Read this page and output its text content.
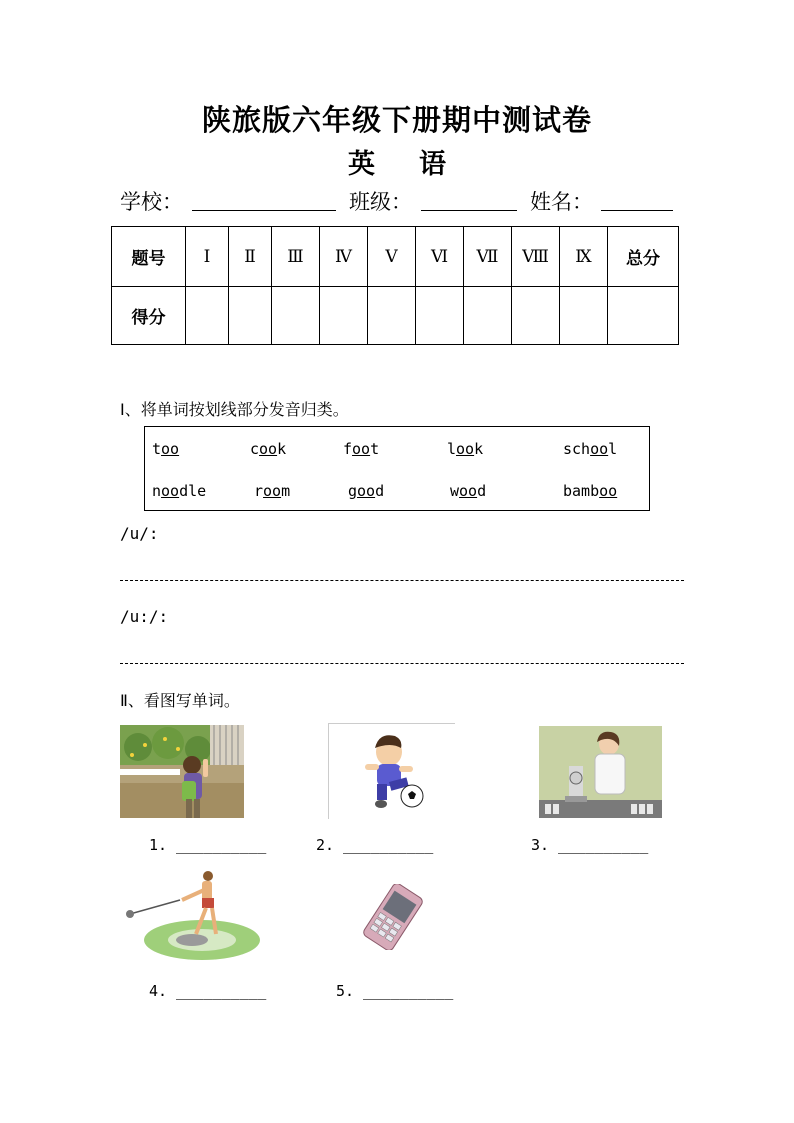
陕旅版六年级下册期中测试卷
英 语
学校：	班级：	姓名：
题号	Ⅰ	Ⅱ	Ⅲ	Ⅳ	Ⅴ	Ⅵ	Ⅶ	Ⅷ	Ⅸ	总分
得分										
Ⅰ、将单词按划线部分发音归类。
too	cook	foot	look	school
noodle	room	good	wood	bamboo
/u/:
/u:/:
Ⅱ、看图写单词。
1. __________	2. __________	3. __________
4. __________	5. __________
